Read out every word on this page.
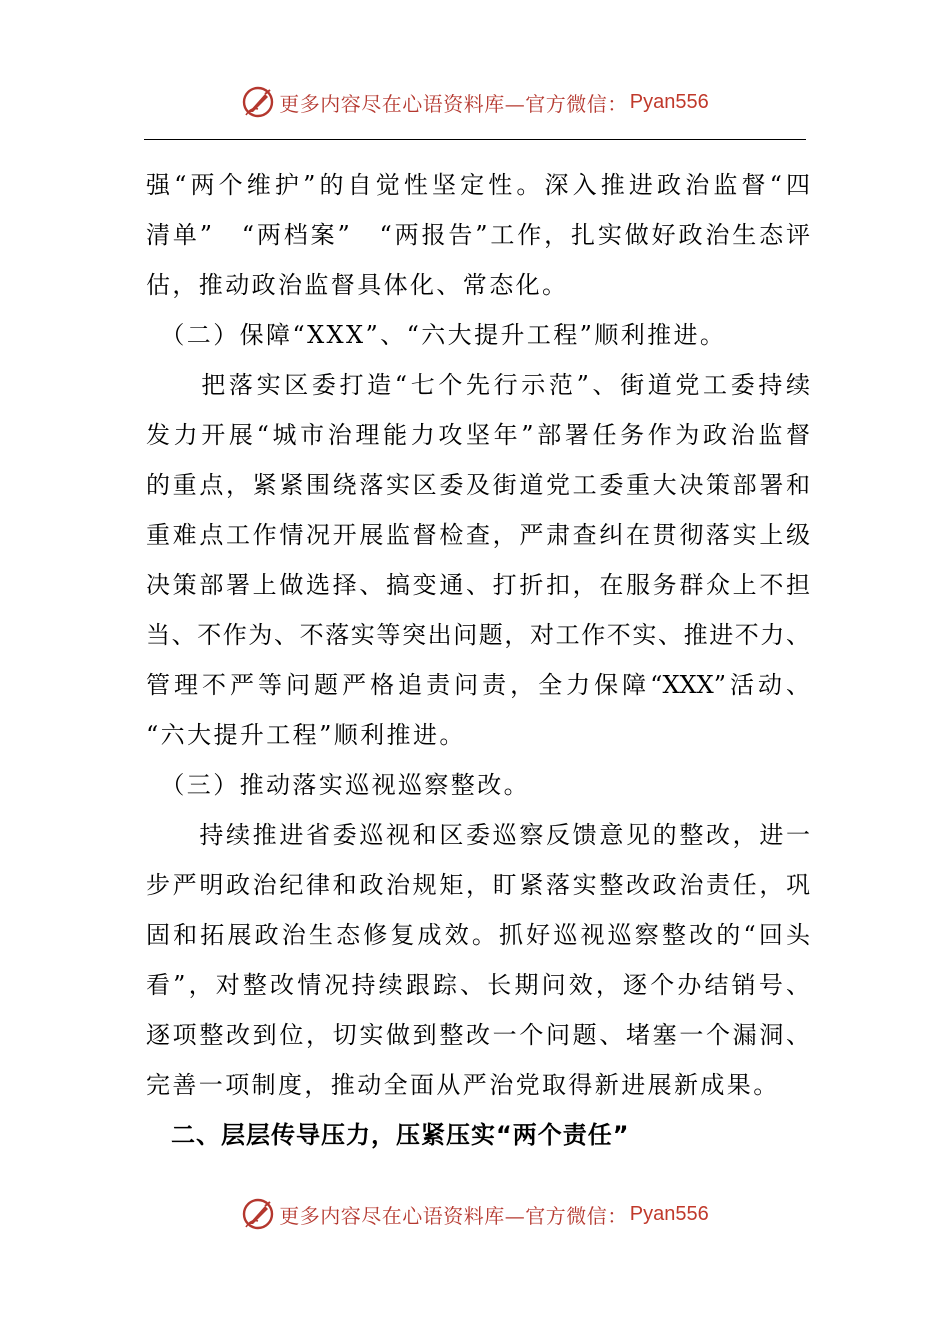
更多内容尽在心语资料库—官方微信： Pyan556
强“两个维护”的自觉性坚定性。深入推进政治监督“四
清单”　“两档案”　“两报告”工作，扎实做好政治生态评
估，推动政治监督具体化、常态化。
　（二）保障“XXX”、“六大提升工程”顺利推进。
　　把落实区委打造“七个先行示范”、街道党工委持续
发力开展“城市治理能力攻坚年”部署任务作为政治监督
的重点，紧紧围绕落实区委及街道党工委重大决策部署和
重难点工作情况开展监督检查，严肃查纠在贯彻落实上级
决策部署上做选择、搞变通、打折扣，在服务群众上不担
当、不作为、不落实等突出问题，对工作不实、推进不力、
管理不严等问题严格追责问责，全力保障“XXX”活动、
“六大提升工程”顺利推进。
　（三）推动落实巡视巡察整改。
　　持续推进省委巡视和区委巡察反馈意见的整改，进一
步严明政治纪律和政治规矩，盯紧落实整改政治责任，巩
固和拓展政治生态修复成效。抓好巡视巡察整改的“回头
看”，对整改情况持续跟踪、长期问效，逐个办结销号、
逐项整改到位，切实做到整改一个问题、堵塞一个漏洞、
完善一项制度，推动全面从严治党取得新进展新成果。
　二、层层传导压力，压紧压实“两个责任”
更多内容尽在心语资料库—官方微信： Pyan556
